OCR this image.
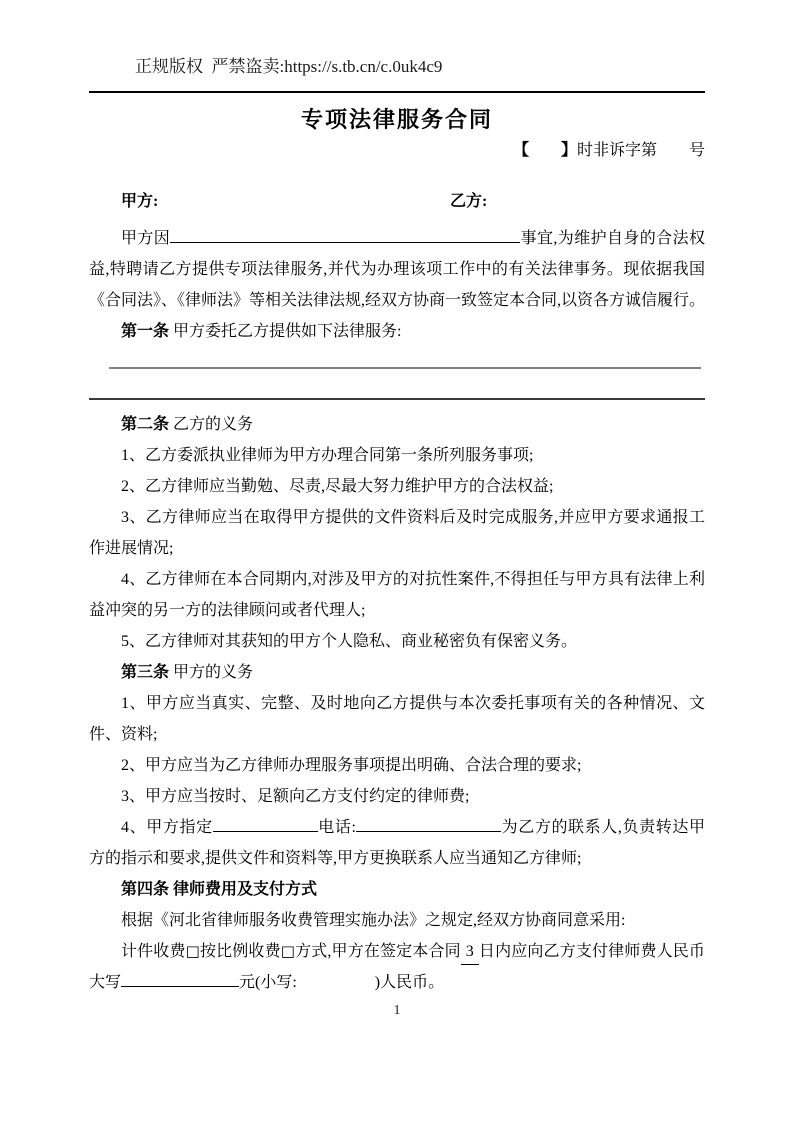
正规版权  严禁盗卖:https://s.tb.cn/c.0uk4c9
专项法律服务合同
【　　】时非诉字第　　号
甲方:	乙方:
甲方因	事宜,为维护自身的合法权益,特聘请乙方提供专项法律服务,并代为办理该项工作中的有关法律事务。现依据我国《合同法》、《律师法》等相关法律法规,经双方协商一致签定本合同,以资各方诚信履行。
第一条 甲方委托乙方提供如下法律服务:
第二条 乙方的义务
1、乙方委派执业律师为甲方办理合同第一条所列服务事项;
2、乙方律师应当勤勉、尽责,尽最大努力维护甲方的合法权益;
3、乙方律师应当在取得甲方提供的文件资料后及时完成服务,并应甲方要求通报工作进展情况;
4、乙方律师在本合同期内,对涉及甲方的对抗性案件,不得担任与甲方具有法律上利益冲突的另一方的法律顾问或者代理人;
5、乙方律师对其获知的甲方个人隐私、商业秘密负有保密义务。
第三条 甲方的义务
1、甲方应当真实、完整、及时地向乙方提供与本次委托事项有关的各种情况、文件、资料;
2、甲方应当为乙方律师办理服务事项提出明确、合法合理的要求;
3、甲方应当按时、足额向乙方支付约定的律师费;
4、甲方指定	电话:	为乙方的联系人,负责转达甲方的指示和要求,提供文件和资料等,甲方更换联系人应当通知乙方律师;
第四条 律师费用及支付方式
根据《河北省律师服务收费管理实施办法》之规定,经双方协商同意采用:
计件收费□按比例收费□方式,甲方在签定本合同 3 日内应向乙方支付律师费人民币大写	元(小写:	)人民币。
1
